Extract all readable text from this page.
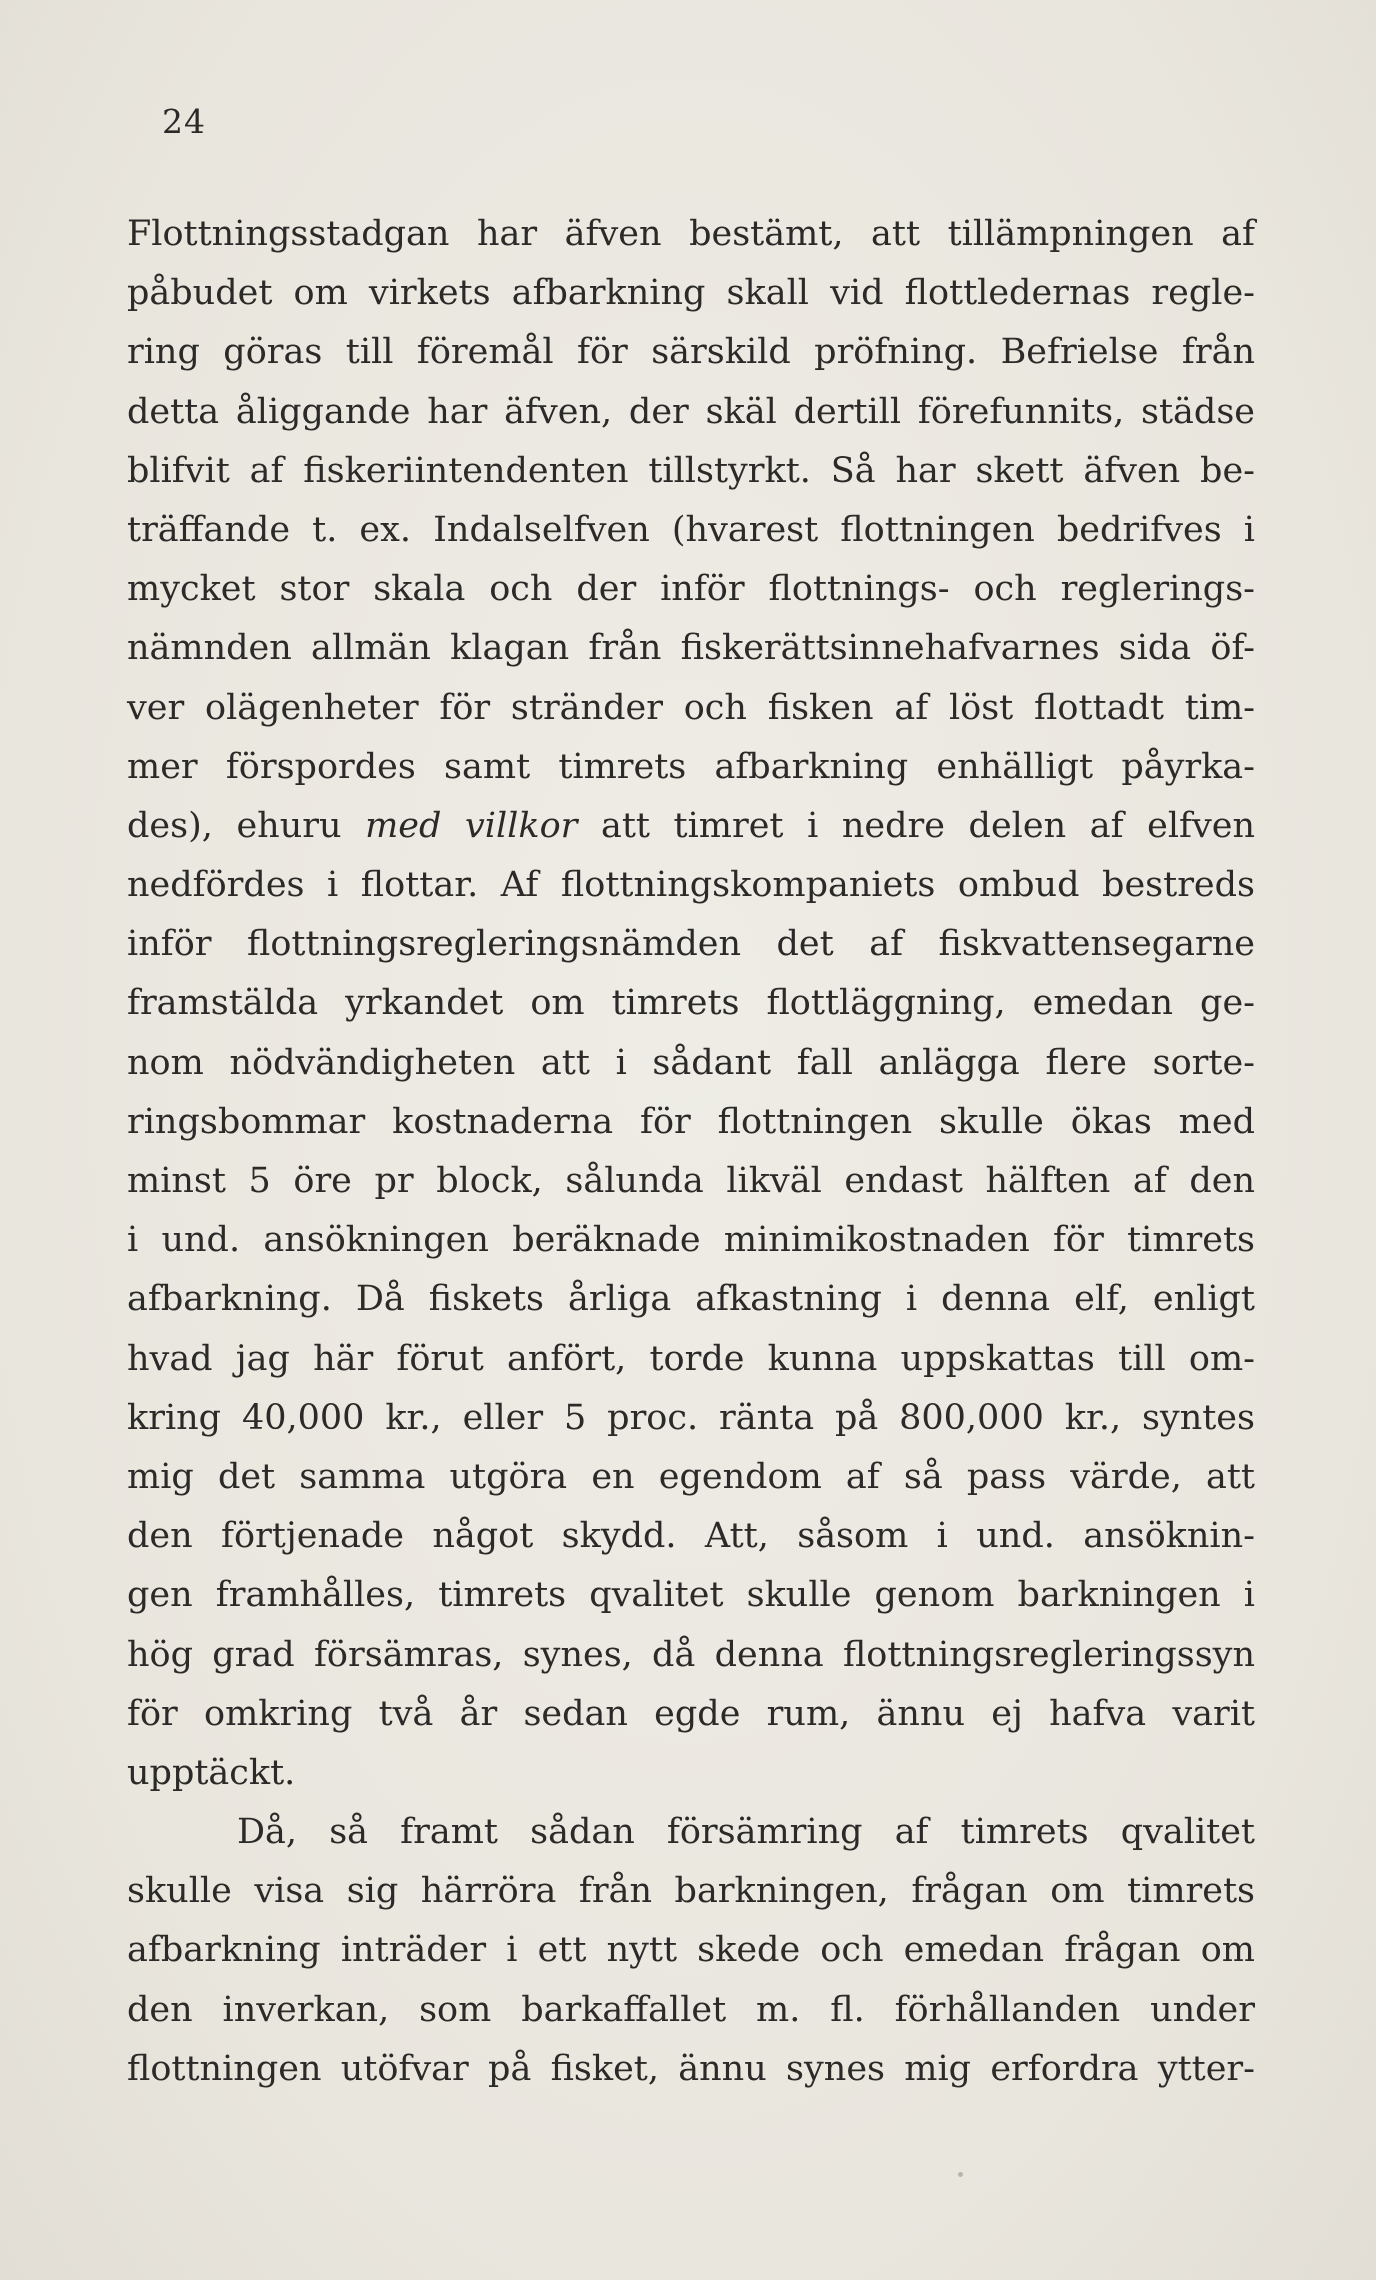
24
Flottningsstadgan har äfven bestämt, att tillämpningen af
påbudet om virkets afbarkning skall vid flottledernas regle-
ring göras till föremål för särskild pröfning. Befrielse från
detta åliggande har äfven, der skäl dertill förefunnits, städse
blifvit af fiskeriintendenten tillstyrkt. Så har skett äfven be-
träffande t. ex. Indalselfven (hvarest flottningen bedrifves i
mycket stor skala och der inför flottnings- och reglerings-
nämnden allmän klagan från fiskerättsinnehafvarnes sida öf-
ver olägenheter för stränder och fisken af löst flottadt tim-
mer förspordes samt timrets afbarkning enhälligt påyrka-
des), ehuru med villkor att timret i nedre delen af elfven
nedfördes i flottar. Af flottningskompaniets ombud bestreds
inför flottningsregleringsnämden det af fiskvattensegarne
framstälda yrkandet om timrets flottläggning, emedan ge-
nom nödvändigheten att i sådant fall anlägga flere sorte-
ringsbommar kostnaderna för flottningen skulle ökas med
minst 5 öre pr block, sålunda likväl endast hälften af den
i und. ansökningen beräknade minimikostnaden för timrets
afbarkning. Då fiskets årliga afkastning i denna elf, enligt
hvad jag här förut anfört, torde kunna uppskattas till om-
kring 40,000 kr., eller 5 proc. ränta på 800,000 kr., syntes
mig det samma utgöra en egendom af så pass värde, att
den förtjenade något skydd. Att, såsom i und. ansöknin-
gen framhålles, timrets qvalitet skulle genom barkningen i
hög grad försämras, synes, då denna flottningsregleringssyn
för omkring två år sedan egde rum, ännu ej hafva varit
upptäckt.
Då, så framt sådan försämring af timrets qvalitet
skulle visa sig härröra från barkningen, frågan om timrets
afbarkning inträder i ett nytt skede och emedan frågan om
den inverkan, som barkaffallet m. fl. förhållanden under
flottningen utöfvar på fisket, ännu synes mig erfordra ytter-
